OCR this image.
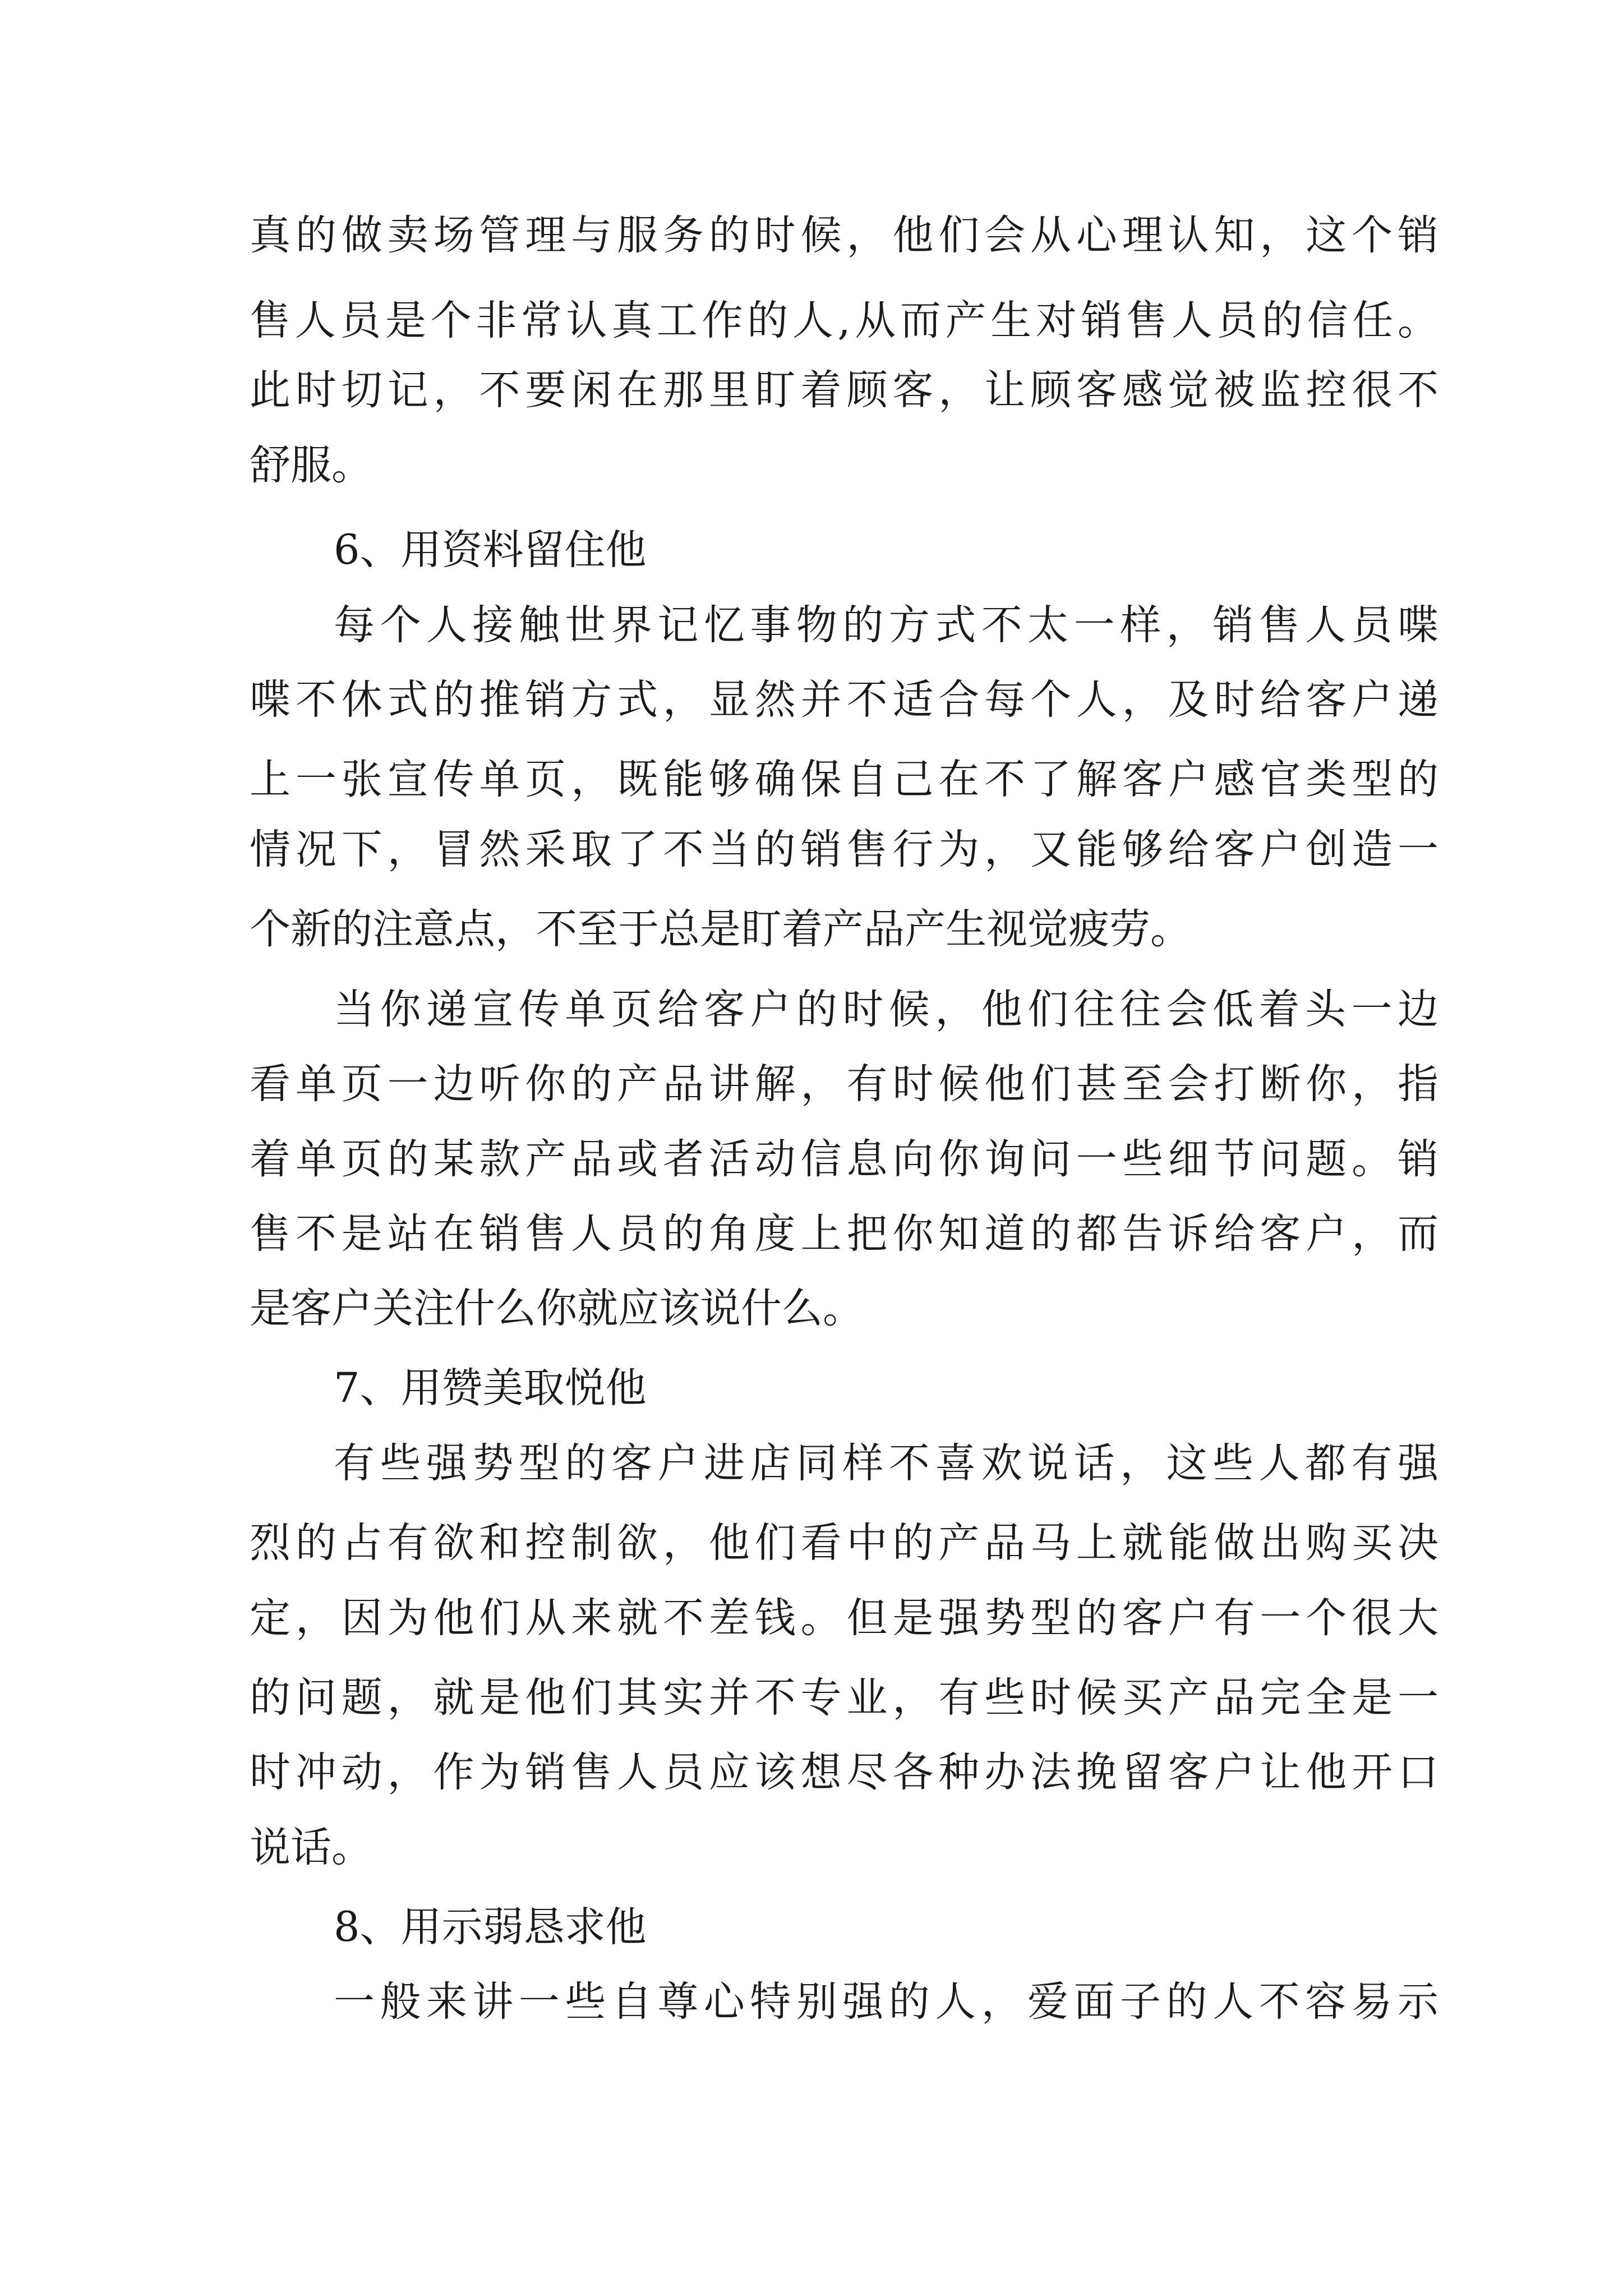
真的做卖场管理与服务的时候，他们会从心理认知，这个销
售人员是个非常认真工作的人,从而产生对销售人员的信任。
此时切记，不要闲在那里盯着顾客，让顾客感觉被监控很不
舒服。
6、用资料留住他
每个人接触世界记忆事物的方式不太一样，销售人员喋
喋不休式的推销方式，显然并不适合每个人，及时给客户递
上一张宣传单页，既能够确保自己在不了解客户感官类型的
情况下，冒然采取了不当的销售行为，又能够给客户创造一
个新的注意点，不至于总是盯着产品产生视觉疲劳。
当你递宣传单页给客户的时候，他们往往会低着头一边
看单页一边听你的产品讲解，有时候他们甚至会打断你，指
着单页的某款产品或者活动信息向你询问一些细节问题。销
售不是站在销售人员的角度上把你知道的都告诉给客户，而
是客户关注什么你就应该说什么。
7、用赞美取悦他
有些强势型的客户进店同样不喜欢说话，这些人都有强
烈的占有欲和控制欲，他们看中的产品马上就能做出购买决
定，因为他们从来就不差钱。但是强势型的客户有一个很大
的问题，就是他们其实并不专业，有些时候买产品完全是一
时冲动，作为销售人员应该想尽各种办法挽留客户让他开口
说话。
8、用示弱恳求他
一般来讲一些自尊心特别强的人，爱面子的人不容易示
